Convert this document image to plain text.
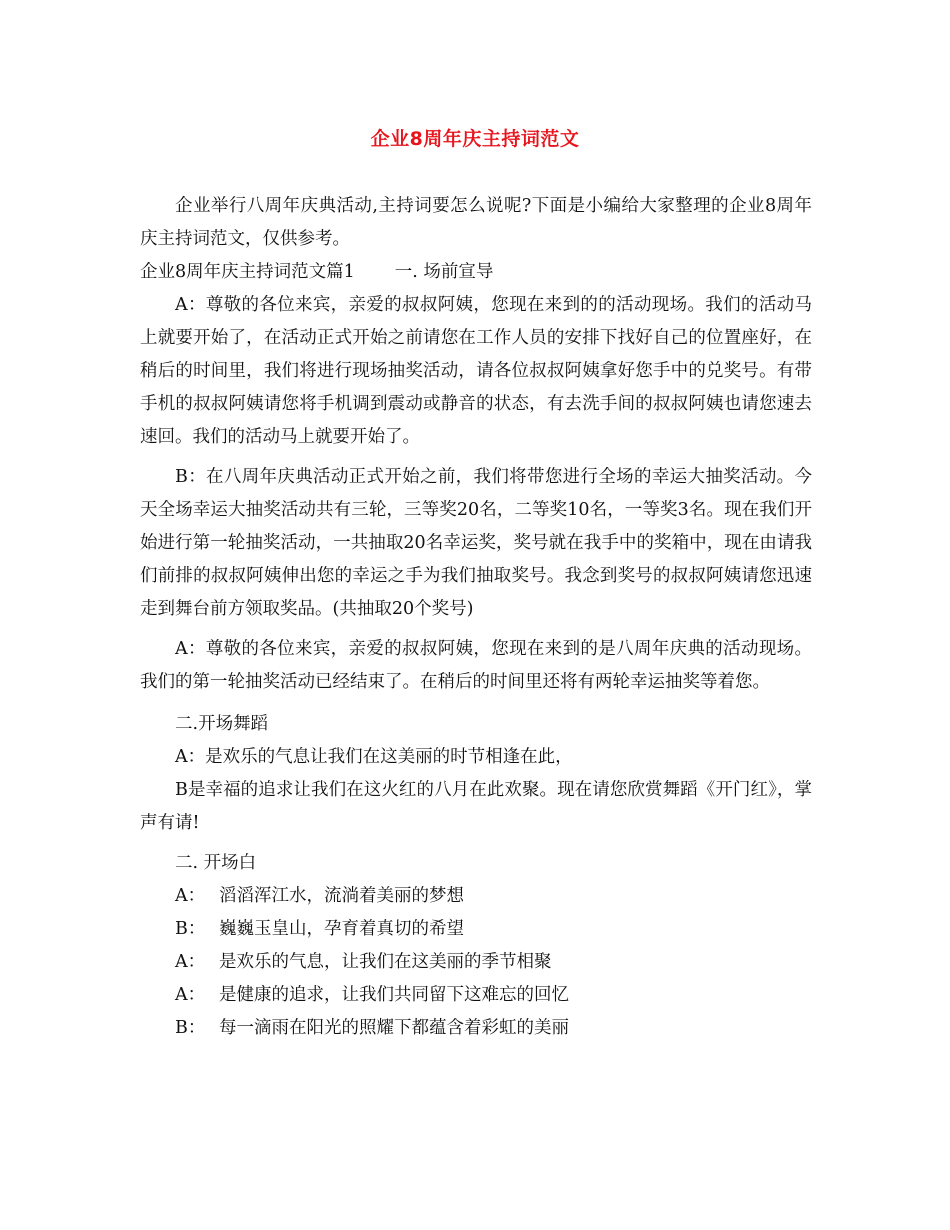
企业8周年庆主持词范文

企业举行八周年庆典活动,主持词要怎么说呢?下面是小编给大家整理的企业8周年庆主持词范文，仅供参考。

企业8周年庆主持词范文篇1 一. 场前宣导

A：尊敬的各位来宾，亲爱的叔叔阿姨，您现在来到的的活动现场。我们的活动马上就要开始了，在活动正式开始之前请您在工作人员的安排下找好自己的位置座好，在稍后的时间里，我们将进行现场抽奖活动，请各位叔叔阿姨拿好您手中的兑奖号。有带手机的叔叔阿姨请您将手机调到震动或静音的状态，有去洗手间的叔叔阿姨也请您速去速回。我们的活动马上就要开始了。

B：在八周年庆典活动正式开始之前，我们将带您进行全场的幸运大抽奖活动。今天全场幸运大抽奖活动共有三轮，三等奖20名，二等奖10名，一等奖3名。现在我们开始进行第一轮抽奖活动，一共抽取20名幸运奖，奖号就在我手中的奖箱中，现在由请我们前排的叔叔阿姨伸出您的幸运之手为我们抽取奖号。我念到奖号的叔叔阿姨请您迅速走到舞台前方领取奖品。(共抽取20个奖号)

A：尊敬的各位来宾，亲爱的叔叔阿姨，您现在来到的是八周年庆典的活动现场。我们的第一轮抽奖活动已经结束了。在稍后的时间里还将有两轮幸运抽奖等着您。

二.开场舞蹈

A：是欢乐的气息让我们在这美丽的时节相逢在此，

B是幸福的追求让我们在这火红的八月在此欢聚。现在请您欣赏舞蹈《开门红》，掌声有请!

二. 开场白

A： 滔滔浑江水，流淌着美丽的梦想

B： 巍巍玉皇山，孕育着真切的希望

A： 是欢乐的气息，让我们在这美丽的季节相聚

A： 是健康的追求，让我们共同留下这难忘的回忆

B： 每一滴雨在阳光的照耀下都蕴含着彩虹的美丽
